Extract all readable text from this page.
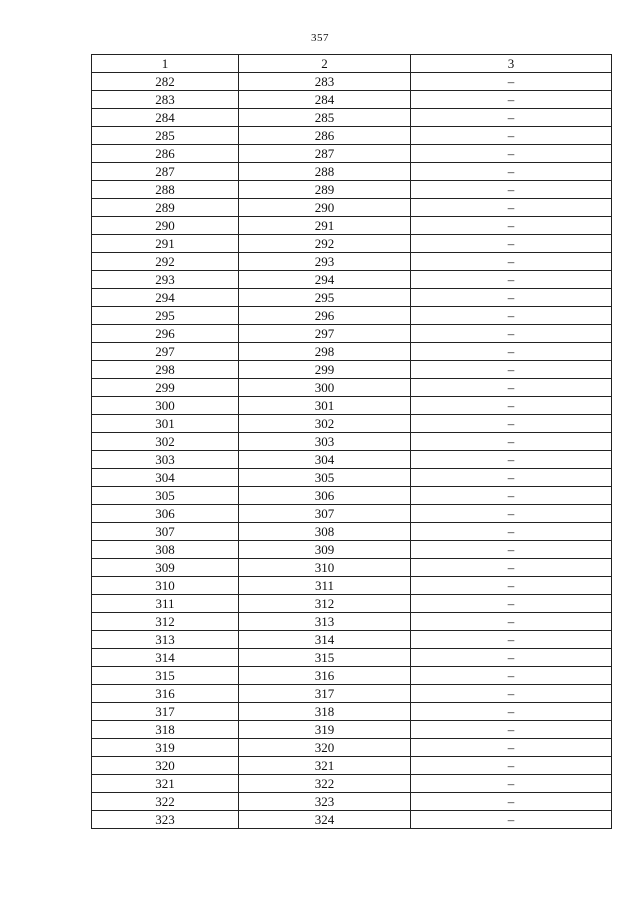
357
1	2	3
282	283	–
283	284	–
284	285	–
285	286	–
286	287	–
287	288	–
288	289	–
289	290	–
290	291	–
291	292	–
292	293	–
293	294	–
294	295	–
295	296	–
296	297	–
297	298	–
298	299	–
299	300	–
300	301	–
301	302	–
302	303	–
303	304	–
304	305	–
305	306	–
306	307	–
307	308	–
308	309	–
309	310	–
310	311	–
311	312	–
312	313	–
313	314	–
314	315	–
315	316	–
316	317	–
317	318	–
318	319	–
319	320	–
320	321	–
321	322	–
322	323	–
323	324	–
